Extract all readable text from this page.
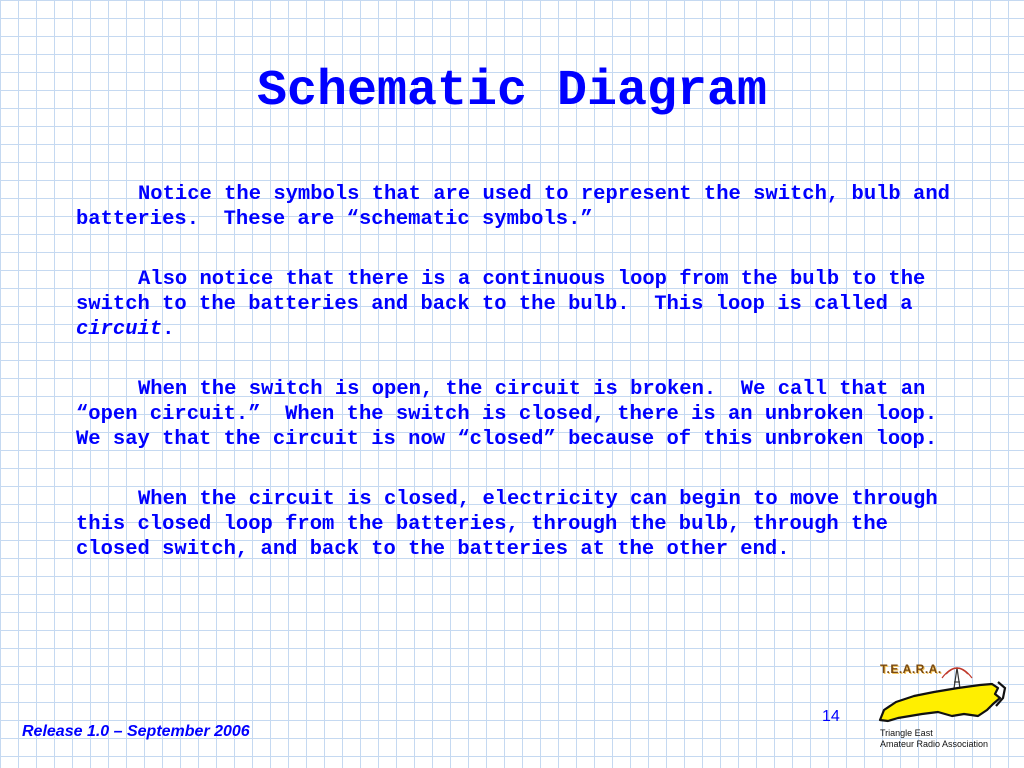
Schematic Diagram

Notice the symbols that are used to represent the switch, bulb and batteries.  These are “schematic symbols.”

Also notice that there is a continuous loop from the bulb to the switch to the batteries and back to the bulb.  This loop is called a circuit.

When the switch is open, the circuit is broken.  We call that an “open circuit.”  When the switch is closed, there is an unbroken loop.  We say that the circuit is now “closed” because of this unbroken loop.

When the circuit is closed, electricity can begin to move through this closed loop from the batteries, through the bulb, through the closed switch, and back to the batteries at the other end.

Release 1.0 – September 2006
14
T.E.A.R.A.
Triangle East
Amateur Radio Association
